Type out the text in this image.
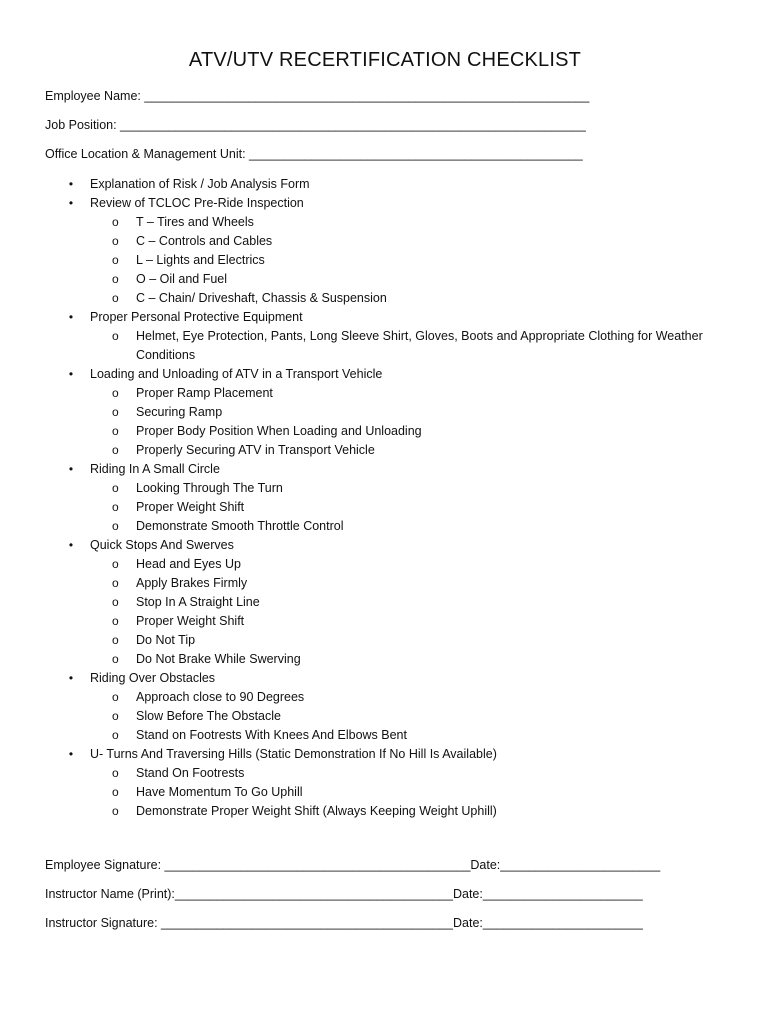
ATV/UTV RECERTIFICATION CHECKLIST
Employee Name: ________________________________________________________________
Job Position: ___________________________________________________________________
Office Location & Management Unit: ________________________________________________
• Explanation of Risk / Job Analysis Form
• Review of TCLOC Pre-Ride Inspection
o T – Tires and Wheels
o C – Controls and Cables
o L – Lights and Electrics
o O – Oil and Fuel
o C – Chain/ Driveshaft, Chassis & Suspension
• Proper Personal Protective Equipment
o Helmet, Eye Protection, Pants, Long Sleeve Shirt, Gloves, Boots and Appropriate Clothing for Weather Conditions
• Loading and Unloading of ATV in a Transport Vehicle
o Proper Ramp Placement
o Securing Ramp
o Proper Body Position When Loading and Unloading
o Properly Securing ATV in Transport Vehicle
• Riding In A Small Circle
o Looking Through The Turn
o Proper Weight Shift
o Demonstrate Smooth Throttle Control
• Quick Stops And Swerves
o Head and Eyes Up
o Apply Brakes Firmly
o Stop In A Straight Line
o Proper Weight Shift
o Do Not Tip
o Do Not Brake While Swerving
• Riding Over Obstacles
o Approach close to 90 Degrees
o Slow Before The Obstacle
o Stand on Footrests With Knees And Elbows Bent
• U- Turns And Traversing Hills (Static Demonstration If No Hill Is Available)
o Stand On Footrests
o Have Momentum To Go Uphill
o Demonstrate Proper Weight Shift (Always Keeping Weight Uphill)
Employee Signature: ____________________________________________Date:_______________________
Instructor Name (Print):________________________________________Date:_______________________
Instructor Signature: __________________________________________Date:_______________________
